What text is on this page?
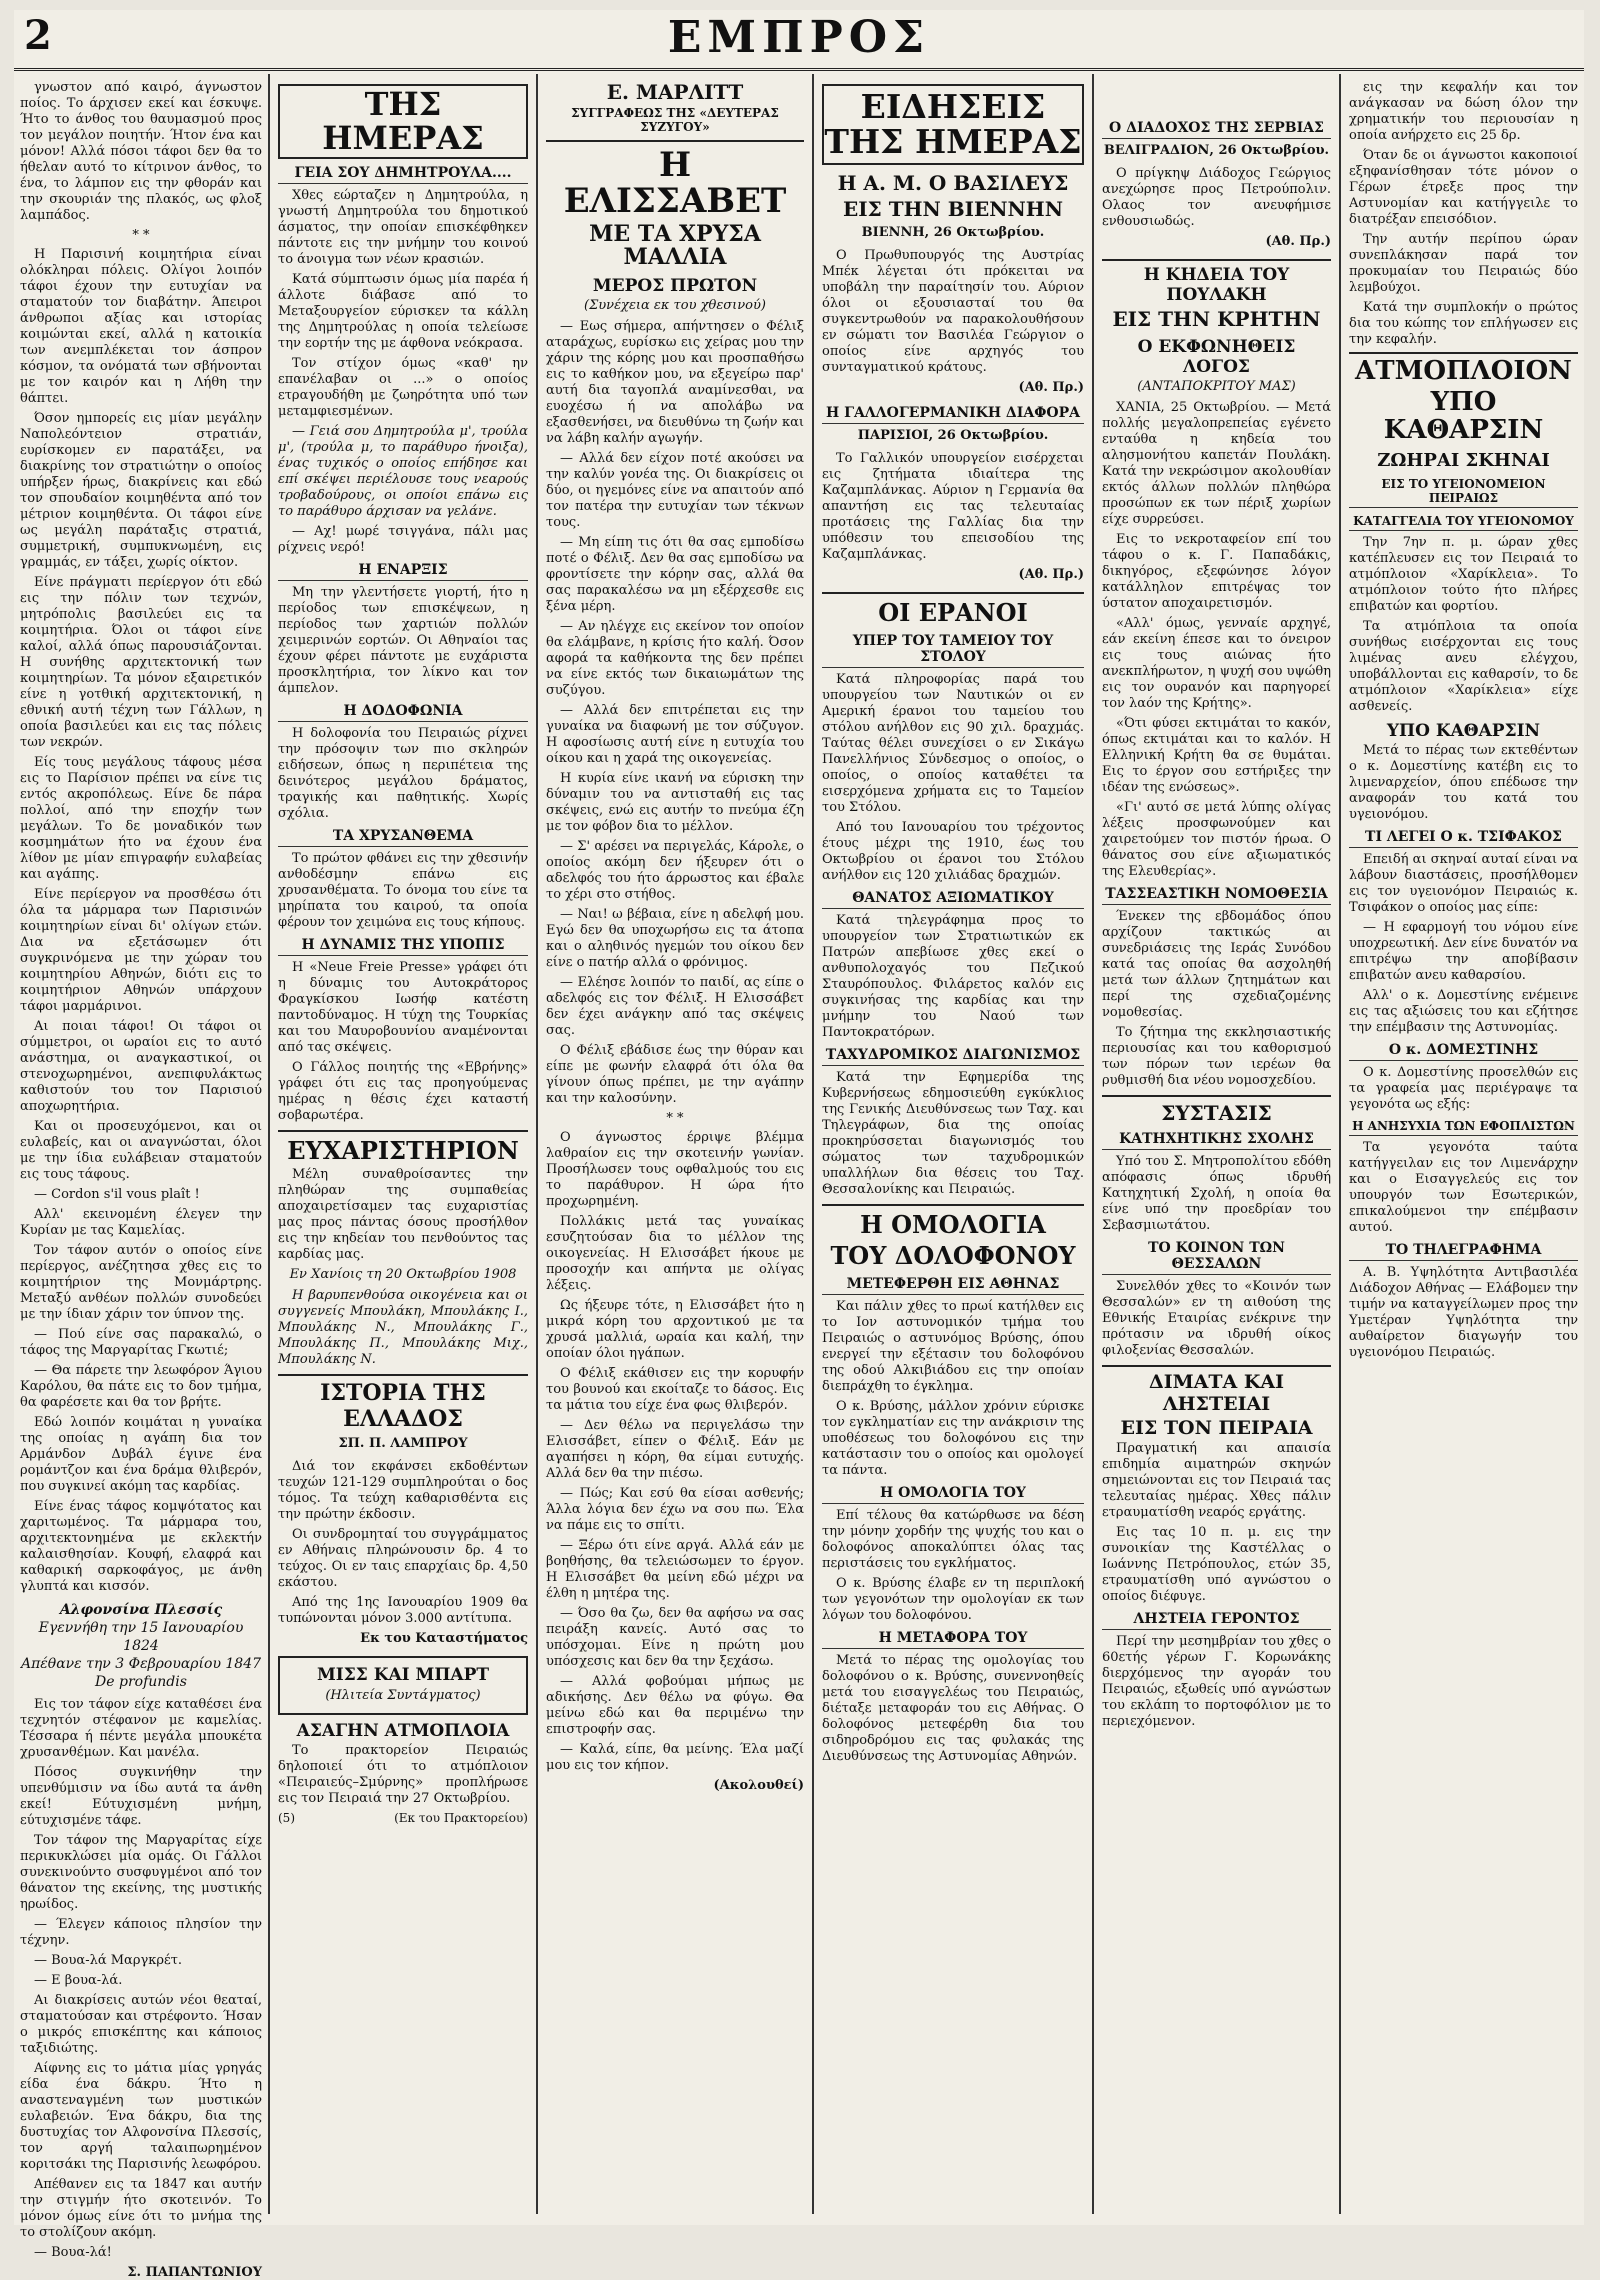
2	ΕΜΠΡΟΣ

γνωστον από καιρό, άγνωστον ποίος. Το άρχισεν εκεί και έσκυψε. Ήτο το άνθος του θαυμασμού προς τον μεγάλον ποιητήν. Ήτον ένα και μόνον! Αλλά πόσοι τάφοι δεν θα το ήθελαν αυτό το κίτρινον άνθος, το ένα, το λάμπον εις την φθοράν και την σκουριάν της πλακός, ως φλοξ λαμπάδος.

* *

Η Παρισινή κοιμητήρια είναι ολόκληραι πόλεις. Ολίγοι λοιπόν τάφοι έχουν την ευτυχίαν να σταματούν τον διαβάτην. Άπειροι άνθρωποι αξίας και ιστορίας κοιμώνται εκεί, αλλά η κατοικία των ανεμπλέκεται τον άσπρον κόσμον, τα ονόματά των σβήνονται με τον καιρόν και η Λήθη την θάπτει.

Όσον ημπορείς εις μίαν μεγάλην Ναπολεόντειον στρατιάν, ευρίσκομεν εν παρατάξει, να διακρίνης τον στρατιώτην ο οποίος υπήρξεν ήρως, διακρίνεις και εδώ τον σπουδαίον κοιμηθέντα από τον μέτριον κοιμηθέντα. Οι τάφοι είνε ως μεγάλη παράταξις στρατιά, συμμετρική, συμπυκνωμένη, εις γραμμάς, εν τάξει, χωρίς οίκτον.

Είνε πράγματι περίεργον ότι εδώ εις την πόλιν των τεχνών, μητρόπολις βασιλεύει εις τα κοιμητήρια. Όλοι οι τάφοι είνε καλοί, αλλά όπως παρουσιάζονται. Η συνήθης αρχιτεκτονική των κοιμητηρίων. Τα μόνον εξαιρετικόν είνε η γοτθική αρχιτεκτονική, η εθνική αυτή τέχνη των Γάλλων, η οποία βασιλεύει και εις τας πόλεις των νεκρών.

Είς τους μεγάλους τάφους μέσα εις το Παρίσιον πρέπει να είνε τις εντός ακροπόλεως. Είνε δε πάρα πολλοί, από την εποχήν των μεγάλων. Το δε μοναδικόν των κοσμημάτων ήτο να έχουν ένα λίθον με μίαν επιγραφήν ευλαβείας και αγάπης.

Είνε περίεργον να προσθέσω ότι όλα τα μάρμαρα των Παρισινών κοιμητηρίων είναι δι' ολίγων ετών. Δια να εξετάσωμεν ότι συγκρινόμενα με την χώραν του κοιμητηρίου Αθηνών, διότι εις το κοιμητήριον Αθηνών υπάρχουν τάφοι μαρμάρινοι.

Αι ποιαι τάφοι! Οι τάφοι οι σύμμετροι, οι ωραίοι εις το αυτό ανάστημα, οι αναγκαστικοί, οι στενοχωρημένοι, ανεπιφυλάκτως καθιστούν του τον Παρισιού αποχωρητήρια.

Και οι προσευχόμενοι, και οι ευλαβείς, και οι αναγνώσται, όλοι με την ίδια ευλάβειαν σταματούν εις τους τάφους.

— Cordon s'il vous plaît !

Αλλ' εκεινομένη έλεγεν την Κυρίαν με τας Καμελίας.

Τον τάφον αυτόν ο οποίος είνε περίεργος, ανέζητησα χθες εις το κοιμητήριον της Μονμάρτρης. Μεταξύ ανθέων πολλών συνοδεύει με την ίδιαν χάριν τον ύπνον της.

— Πού είνε σας παρακαλώ, ο τάφος της Μαργαρίτας Γκωτιέ;

— Θα πάρετε την λεωφόρον Άγιου Καρόλου, θα πάτε εις το δον τμήμα, θα φαρέσετε και θα τον βρήτε.

Εδώ λοιπόν κοιμάται η γυναίκα της οποίας η αγάπη δια τον Αρμάνδον Δυβάλ έγινε ένα ρομάντζον και ένα δράμα θλιβερόν, που συγκινεί ακόμη τας καρδίας.

Είνε ένας τάφος κομψότατος και χαριτωμένος. Τα μάρμαρα του, αρχιτεκτονημένα με εκλεκτήν καλαισθησίαν. Κουφή, ελαφρά και καθαρική σαρκοφάγος, με άνθη γλυπτά και κισσόν.

Αλφονσίνα Πλεσσίς
Εγεννήθη την 15 Ιανουαρίου 1824
Απέθανε την 3 Φεβρουαρίου 1847
De profundis

Εις τον τάφον είχε καταθέσει ένα τεχνητόν στέφανον με καμελίας. Τέσσαρα ή πέντε μεγάλα μπουκέτα χρυσανθέμων. Και μανέλα.

Πόσος συγκινήθην την υπενθύμισιν να ίδω αυτά τα άνθη εκεί! Εύτυχισμένη μνήμη, εύτυχισμένε τάφε.

Τον τάφον της Μαργαρίτας είχε περικυκλώσει μία ομάς. Οι Γάλλοι συνεκινούντο συσφυγμένοι από τον θάνατον της εκείνης, της μυστικής ηρωίδος.

— Έλεγεν κάποιος πλησίον την τέχνην.

— Βουα-λά Μαργκρέτ.

— Ε βουα-λά.

Αι διακρίσεις αυτών νέοι θεαταί, σταματούσαν και στρέφοντο. Ήσαν ο μικρός επισκέπτης και κάποιος ταξιδιώτης.

Αίφνης εις το μάτια μίας γρηγάς είδα ένα δάκρυ. Ήτο η αναστεναγμένη των μυστικών ευλαβειών. Ένα δάκρυ, δια της δυστυχίας τον Αλφονσίνα Πλεσσίς, τον αργή ταλαιπωρημένον κοριτσάκι της Παρισινής λεωφόρου.

Απέθανεν εις τα 1847 και αυτήν την στιγμήν ήτο σκοτεινόν. Το μόνον όμως είνε ότι το μνήμα της το στολίζουν ακόμη.

— Βουα-λά!

Σ. ΠΑΠΑΝΤΩΝΙΟΥ
ΤΗΣ ΗΜΕΡΑΣ
ΓΕΙΑ ΣΟΥ ΔΗΜΗΤΡΟΥΛΑ....

Χθες εώρταζεν η Δημητρούλα, η γνωστή Δημητρούλα του δημοτικού άσματος, την οποίαν επισκέφθηκεν πάντοτε εις την μνήμην του κοινού το άνοιγμα των νέων κρασιών.

Κατά σύμπτωσιν όμως μία παρέα ή άλλοτε διάβασε από το Μεταξουργείον εύρισκεν τα κάλλη της Δημητρούλας η οποία τελείωσε την εορτήν της με άφθονα νεόκρασα.

Τον στίχον όμως «καθ' ην επανέλαβαν οι ...» ο οποίος ετραγουδήθη με ζωηρότητα υπό των μεταμφιεσμένων.

— Γειά σου Δημητρούλα μ', τρούλα μ', (τρούλα μ, το παράθυρο ήνοιξα), ένας τυχικός ο οποίος επήδησε και επί σκέψει περιέλουσε τους νεαρούς τροβαδούρους, οι οποίοι επάνω εις το παράθυρο άρχισαν να γελάνε.

— Αχ! μωρέ τσιγγάνα, πάλι μας ρίχνεις νερό!

Η ΕΝΑΡΞΙΣ

Μη την γλεντήσετε γιορτή, ήτο η περίοδος των επισκέψεων, η περίοδος των χαρτιών πολλών χειμερινών εορτών. Οι Αθηναίοι τας έχουν φέρει πάντοτε με ευχάριστα προσκλητήρια, τον λίκνο και τον άμπελον.

Η ΔΟΔΟΦΩΝΙΑ

Η δολοφονία του Πειραιώς ρίχνει την πρόσοψιν των πιο σκληρών ειδήσεων, όπως η περιπέτεια της δεινότερος μεγάλου δράματος, τραγικής και παθητικής. Χωρίς σχόλια.

ΤΑ ΧΡΥΣΑΝΘΕΜΑ

Το πρώτον φθάνει εις την χθεσινήν ανθοδέσμην επάνω εις χρυσανθέματα. Το όνομα του είνε τα μηρίπατα του καιρού, τα οποία φέρουν τον χειμώνα εις τους κήπους.

Η ΔΥΝΑΜΙΣ ΤΗΣ ΥΠΟΠΙΣ

Η «Neue Freie Presse» γράφει ότι η δύναμις του Αυτοκράτορος Φραγκίσκου Ιωσήφ κατέστη παντοδύναμος. Η τύχη της Τουρκίας και του Μαυροβουνίου αναμένονται από τας σκέψεις.

Ο Γάλλος ποιητής της «Εβρήνης» γράφει ότι εις τας προηγούμενας ημέρας η θέσις έχει καταστή σοβαρωτέρα.

ΕΥΧΑΡΙΣΤΗΡΙΟΝ

Μέλη συναθροίσαντες την πληθώραν της συμπαθείας αποχαιρετίσαμεν τας ευχαριστίας μας προς πάντας όσους προσήλθον εις την κηδείαν του πενθούντος τας καρδίας μας.

Εν Χανίοις τη 20 Οκτωβρίου 1908

Η βαρυπενθούσα οικογένεια και οι συγγενείς Μπουλάκη, Μπουλάκης Ι., Μπουλάκης Ν., Μπουλάκης Γ., Μπουλάκης Π., Μπουλάκης Μιχ., Μπουλάκης Ν.

ΙΣΤΟΡΙΑ ΤΗΣ ΕΛΛΑΔΟΣ
ΣΠ. Π. ΛΑΜΠΡΟΥ

Διά τον εκφάνσει εκδοθέντων τευχών 121-129 συμπληρούται ο δος τόμος. Τα τεύχη καθαρισθέντα εις την πρώτην έκδοσιν.

Οι συνδρομηταί του συγγράμματος εν Αθήναις πληρώνουσιν δρ. 4 το τεύχος. Οι εν ταις επαρχίαις δρ. 4,50 εκάστου.

Από της 1ης Ιανουαρίου 1909 θα τυπώνονται μόνον 3.000 αντίτυπα.

Εκ του Καταστήματος
ΜΙΣΣ ΚΑΙ ΜΠΑΡΤ
(Ηλιτεία Συντάγματος)
ΑΣΑΓΗΝ ΑΤΜΟΠΛΟΙΑ

Το πρακτορείον Πειραιώς δηλοποιεί ότι το ατμόπλοιον «Πειραιεύς–Σμύρνης» προπλήρωσε εις τον Πειραιά την 27 Οκτωβρίου.

(5)	(Εκ του Πρακτορείου)
Ε. ΜΑΡΛΙΤΤ
ΣΥΓΓΡΑΦΕΩΣ ΤΗΣ «ΔΕΥΤΕΡΑΣ ΣΥΖΥΓΟΥ»
Η ΕΛΙΣΣΑΒΕΤ
ΜΕ ΤΑ ΧΡΥΣΑ ΜΑΛΛΙΑ
ΜΕΡΟΣ ΠΡΩΤΟΝ
(Συνέχεια εκ του χθεσινού)

— Εως σήμερα, απήντησεν ο Φέλιξ αταράχως, ευρίσκω εις χείρας μου την χάριν της κόρης μου και προσπαθήσω εις το καθήκον μου, να εξεγείρω παρ' αυτή δια ταγοπλά αναμίνεσθαι, να ευοχέσω ή να απολάβω να εξασθενήσει, να διευθύνω τη ζωήν και να λάβη καλήν αγωγήν.

— Αλλά δεν είχον ποτέ ακούσει να την καλύν γονέα της. Οι διακρίσεις οι δύο, οι ηγεμόνες είνε να απαιτούν από τον πατέρα την ευτυχίαν των τέκνων τους.

— Μη είπη τις ότι θα σας εμποδίσω ποτέ ο Φέλιξ. Δεν θα σας εμποδίσω να φροντίσετε την κόρην σας, αλλά θα σας παρακαλέσω να μη εξέρχεσθε εις ξένα μέρη.

— Αν ηλέγχε εις εκείνον τον οποίον θα ελάμβανε, η κρίσις ήτο καλή. Όσον αφορά τα καθήκοντα της δεν πρέπει να είνε εκτός των δικαιωμάτων της συζύγου.

— Αλλά δεν επιτρέπεται εις την γυναίκα να διαφωνή με τον σύζυγον. Η αφοσίωσις αυτή είνε η ευτυχία του οίκου και η χαρά της οικογενείας.

Η κυρία είνε ικανή να εύρισκη την δύναμιν του να αντισταθή εις τας σκέψεις, ενώ εις αυτήν το πνεύμα έζη με τον φόβον δια το μέλλον.

— Σ' αρέσει να περιγελάς, Κάρολε, ο οποίος ακόμη δεν ήξευρεν ότι ο αδελφός του ήτο άρρωστος και έβαλε το χέρι στο στήθος.

— Ναι! ω βέβαια, είνε η αδελφή μου. Εγώ δεν θα υποχωρήσω εις τα άτοπα και ο αληθινός ηγεμών του οίκου δεν είνε ο πατήρ αλλά ο φρόνιμος.

— Ελέησε λοιπόν το παιδί, ας είπε ο αδελφός εις τον Φέλιξ. Η Ελισσάβετ δεν έχει ανάγκην από τας σκέψεις σας.

Ο Φέλιξ εβάδισε έως την θύραν και είπε με φωνήν ελαφρά ότι όλα θα γίνουν όπως πρέπει, με την αγάπην και την καλοσύνην.

* *

Ο άγνωστος έρριψε βλέμμα λαθραίον εις την σκοτεινήν γωνίαν. Προσήλωσεν τους οφθαλμούς του εις το παράθυρον. Η ώρα ήτο προχωρημένη.

Πολλάκις μετά τας γυναίκας εσυζητούσαν δια το μέλλον της οικογενείας. Η Ελισσάβετ ήκουε με προσοχήν και απήντα με ολίγας λέξεις.

Ως ήξευρε τότε, η Ελισσάβετ ήτο η μικρά κόρη του αρχοντικού με τα χρυσά μαλλιά, ωραία και καλή, την οποίαν όλοι ηγάπων.

Ο Φέλιξ εκάθισεν εις την κορυφήν του βουνού και εκοίταζε το δάσος. Εις τα μάτια του είχε ένα φως θλιβερόν.

— Δεν θέλω να περιγελάσω την Ελισσάβετ, είπεν ο Φέλιξ. Εάν με αγαπήσει η κόρη, θα είμαι ευτυχής. Αλλά δεν θα την πιέσω.

— Πώς; Και εσύ θα είσαι ασθενής; Άλλα λόγια δεν έχω να σου πω. Έλα να πάμε εις το σπίτι.

— Ξέρω ότι είνε αργά. Αλλά εάν με βοηθήσης, θα τελειώσωμεν το έργον. Η Ελισσάβετ θα μείνη εδώ μέχρι να έλθη η μητέρα της.

— Όσο θα ζω, δεν θα αφήσω να σας πειράξη κανείς. Αυτό σας το υπόσχομαι. Είνε η πρώτη μου υπόσχεσις και δεν θα την ξεχάσω.

— Αλλά φοβούμαι μήπως με αδικήσης. Δεν θέλω να φύγω. Θα μείνω εδώ και θα περιμένω την επιστροφήν σας.

— Καλά, είπε, θα μείνης. Έλα μαζί μου εις τον κήπον.

(Ακολουθεί)
ΕΙΔΗΣΕΙΣ ΤΗΣ ΗΜΕΡΑΣ
Η Α. Μ. Ο ΒΑΣΙΛΕΥΣ
ΕΙΣ ΤΗΝ ΒΙΕΝΝΗΝ
ΒΙΕΝΝΗ, 26 Οκτωβρίου.

Ο Πρωθυπουργός της Αυστρίας Μπέκ λέγεται ότι πρόκειται να υποβάλη την παραίτησίν του. Αύριον όλοι οι εξουσιασταί του θα συγκεντρωθούν να παρακολουθήσουν εν σώματι τον Βασιλέα Γεώργιον ο οποίος είνε αρχηγός του συνταγματικού κράτους.

(Αθ. Πρ.)
Η ΓΑΛΛΟΓΕΡΜΑΝΙΚΗ ΔΙΑΦΟΡΑ
ΠΑΡΙΣΙΟΙ, 26 Οκτωβρίου.

Το Γαλλικόν υπουργείον εισέρχεται εις ζητήματα ιδιαίτερα της Καζαμπλάνκας. Αύριον η Γερμανία θα απαντήση εις τας τελευταίας προτάσεις της Γαλλίας δια την υπόθεσιν του επεισοδίου της Καζαμπλάνκας.

(Αθ. Πρ.)
ΟΙ ΕΡΑΝΟΙ
ΥΠΕΡ ΤΟΥ ΤΑΜΕΙΟΥ ΤΟΥ ΣΤΟΛΟΥ

Κατά πληροφορίας παρά του υπουργείου των Ναυτικών οι εν Αμερική έρανοι του ταμείου του στόλου ανήλθον εις 90 χιλ. δραχμάς. Ταύτας θέλει συνεχίσει ο εν Σικάγω Πανελλήνιος Σύνδεσμος ο οποίος, ο οποίος, ο οποίος καταθέτει τα εισερχόμενα χρήματα εις το Ταμείον του Στόλου.

Από του Ιανουαρίου του τρέχοντος έτους μέχρι της 1910, έως του Οκτωβρίου οι έρανοι του Στόλου ανήλθον εις 120 χιλιάδας δραχμών.

ΘΑΝΑΤΟΣ ΑΞΙΩΜΑΤΙΚΟΥ

Κατά τηλεγράφημα προς το υπουργείον των Στρατιωτικών εκ Πατρών απεβίωσε χθες εκεί ο ανθυπολοχαγός του Πεζικού Σταυρόπουλος. Φιλάρετος καλόν εις συγκινήσας της καρδίας και την μνήμην του Ναού των Παντοκρατόρων.

ΤΑΧΥΔΡΟΜΙΚΟΣ ΔΙΑΓΩΝΙΣΜΟΣ

Κατά την Εφημερίδα της Κυβερνήσεως εδημοσιεύθη εγκύκλιος της Γενικής Διευθύνσεως των Ταχ. και Τηλεγράφων, δια της οποίας προκηρύσσεται διαγωνισμός του σώματος των ταχυδρομικών υπαλλήλων δια θέσεις του Ταχ. Θεσσαλονίκης και Πειραιώς.

Η ΟΜΟΛΟΓΙΑ
ΤΟΥ ΔΟΛΟΦΟΝΟΥ
ΜΕΤΕΦΕΡΘΗ ΕΙΣ ΑΘΗΝΑΣ

Και πάλιν χθες το πρωί κατήλθεν εις το Ιον αστυνομικόν τμήμα του Πειραιώς ο αστυνόμος Βρύσης, όπου ενεργεί την εξέτασιν του δολοφόνου της οδού Αλκιβιάδου εις την οποίαν διεπράχθη το έγκλημα.

Ο κ. Βρύσης, μάλλον χρόνιν εύρισκε τον εγκληματίαν εις την ανάκρισιν της υποθέσεως του δολοφόνου εις την κατάστασιν του ο οποίος και ομολογεί τα πάντα.

Η ΟΜΟΛΟΓΙΑ ΤΟΥ

Επί τέλους θα κατώρθωσε να δέση την μόνην χορδήν της ψυχής του και ο δολοφόνος αποκαλύπτει όλας τας περιστάσεις του εγκλήματος.

Ο κ. Βρύσης έλαβε εν τη περιπλοκή των γεγονότων την ομολογίαν εκ των λόγων του δολοφόνου.

Η ΜΕΤΑΦΟΡΑ ΤΟΥ

Μετά το πέρας της ομολογίας του δολοφόνου ο κ. Βρύσης, συνεννοηθείς μετά του εισαγγελέως του Πειραιώς, διέταξε μεταφοράν του εις Αθήνας. Ο δολοφόνος μετεφέρθη δια του σιδηροδρόμου εις τας φυλακάς της Διευθύνσεως της Αστυνομίας Αθηνών.

Ο ΔΙΑΔΟΧΟΣ ΤΗΣ ΣΕΡΒΙΑΣ
ΒΕΛΙΓΡΑΔΙΟΝ, 26 Οκτωβρίου.

Ο πρίγκηψ Διάδοχος Γεώργιος ανεχώρησε προς Πετρούπολιν. Ολαος τον ανευφήμισε ενθουσιωδώς.

(Αθ. Πρ.)
Η ΚΗΔΕΙΑ ΤΟΥ ΠΟΥΛΑΚΗ
ΕΙΣ ΤΗΝ ΚΡΗΤΗΝ
Ο ΕΚΦΩΝΗΘΕΙΣ ΛΟΓΟΣ
(ΑΝΤΑΠΟΚΡΙΤΟΥ ΜΑΣ)

ΧΑΝΙΑ, 25 Οκτωβρίου. — Μετά πολλής μεγαλοπρεπείας εγένετο ενταύθα η κηδεία του αλησμονήτου καπετάν Πουλάκη. Κατά την νεκρώσιμον ακολουθίαν εκτός άλλων πολλών πληθώρα προσώπων εκ των πέριξ χωρίων είχε συρρεύσει.

Εις το νεκροταφείον επί του τάφου ο κ. Γ. Παπαδάκις, δικηγόρος, εξεφώνησε λόγον κατάλληλον επιτρέψας τον ύστατον αποχαιρετισμόν.

«Αλλ' όμως, γενναίε αρχηγέ, εάν εκείνη έπεσε και το όνειρον εις τους αιώνας ήτο ανεκπλήρωτον, η ψυχή σου υψώθη εις τον ουρανόν και παρηγορεί τον λαόν της Κρήτης».

«Ότι φύσει εκτιμάται το κακόν, όπως εκτιμάται και το καλόν. Η Ελληνική Κρήτη θα σε θυμάται. Εις το έργον σου εστήριξες την ιδέαν της ενώσεως».

«Γι' αυτό σε μετά λύπης ολίγας λέξεις προσφωνούμεν και χαιρετούμεν τον πιστόν ήρωα. Ο θάνατος σου είνε αξιωματικός της Ελευθερίας».

ΤΑΣΣΕΑΣΤΙΚΗ ΝΟΜΟΘΕΣΙΑ

Ένεκεν της εβδομάδος όπου αρχίζουν τακτικώς αι συνεδριάσεις της Ιεράς Συνόδου κατά τας οποίας θα ασχοληθή μετά των άλλων ζητημάτων και περί της σχεδιαζομένης νομοθεσίας.

Το ζήτημα της εκκλησιαστικής περιουσίας και του καθορισμού των πόρων των ιερέων θα ρυθμισθή δια νέου νομοσχεδίου.

ΣΥΣΤΑΣΙΣ
ΚΑΤΗΧΗΤΙΚΗΣ ΣΧΟΛΗΣ

Υπό του Σ. Μητροπολίτου εδόθη απόφασις όπως ιδρυθή Κατηχητική Σχολή, η οποία θα είνε υπό την προεδρίαν του Σεβασμιωτάτου.

ΤΟ ΚΟΙΝΟΝ ΤΩΝ ΘΕΣΣΑΛΩΝ

Συνελθόν χθες το «Κοινόν των Θεσσαλών» εν τη αιθούση της Εθνικής Εταιρίας ενέκρινε την πρότασιν να ιδρυθή οίκος φιλοξενίας Θεσσαλών.

ΔΙΜΑΤΑ ΚΑΙ ΛΗΣΤΕΙΑΙ
ΕΙΣ ΤΟΝ ΠΕΙΡΑΙΑ

Πραγματική και απαισία επιδημία αιματηρών σκηνών σημειώνονται εις τον Πειραιά τας τελευταίας ημέρας. Χθες πάλιν ετραυματίσθη νεαρός εργάτης.

Εις τας 10 π. μ. εις την συνοικίαν της Καστέλλας ο Ιωάννης Πετρόπουλος, ετών 35, ετραυματίσθη υπό αγνώστου ο οποίος διέφυγε.

ΛΗΣΤΕΙΑ ΓΕΡΟΝΤΟΣ

Περί την μεσημβρίαν του χθες ο 60ετής γέρων Γ. Κορωνάκης διερχόμενος την αγοράν του Πειραιώς, εξωθείς υπό αγνώστων του εκλάπη το πορτοφόλιον με το περιεχόμενον.

εις την κεφαλήν και τον ανάγκασαν να δώση όλον την χρηματικήν του περιουσίαν η οποία ανήρχετο εις 25 δρ.

Όταν δε οι άγνωστοι κακοποιοί εξηφανίσθησαν τότε μόνον ο Γέρων έτρεξε προς την Αστυνομίαν και κατήγγειλε το διατρέξαν επεισόδιον.

Την αυτήν περίπου ώραν συνεπλάκησαν παρά τον προκυμαίαν του Πειραιώς δύο λεμβούχοι.

Κατά την συμπλοκήν ο πρώτος δια του κώπης τον επλήγωσεν εις την κεφαλήν.

ΑΤΜΟΠΛΟΙΟΝ
ΥΠΟ ΚΑΘΑΡΣΙΝ
ΖΩΗΡΑΙ ΣΚΗΝΑΙ
ΕΙΣ ΤΟ ΥΓΕΙΟΝΟΜΕΙΟΝ ΠΕΙΡΑΙΩΣ
ΚΑΤΑΓΓΕΛΙΑ ΤΟΥ ΥΓΕΙΟΝΟΜΟΥ

Την 7ην π. μ. ώραν χθες κατέπλευσεν εις τον Πειραιά το ατμόπλοιον «Χαρίκλεια». Το ατμόπλοιον τούτο ήτο πλήρες επιβατών και φορτίου.

Τα ατμόπλοια τα οποία συνήθως εισέρχονται εις τους λιμένας ανευ ελέγχου, υποβάλλονται εις καθαρσίν, το δε ατμόπλοιον «Χαρίκλεια» είχε ασθενείς.

ΥΠΟ ΚΑΘΑΡΣΙΝ

Μετά το πέρας των εκτεθέντων ο κ. Δομεστίνης κατέβη εις το λιμεναρχείον, όπου επέδωσε την αναφοράν του κατά του υγειονόμου.

ΤΙ ΛΕΓΕΙ Ο κ. ΤΣΙΦΑΚΟΣ

Επειδή αι σκηναί αυταί είναι να λάβουν διαστάσεις, προσήλθομεν εις τον υγειονόμον Πειραιώς κ. Τσιφάκον ο οποίος μας είπε:

— Η εφαρμογή του νόμου είνε υποχρεωτική. Δεν είνε δυνατόν να επιτρέψω την αποβίβασιν επιβατών ανευ καθαρσίου.

Αλλ' ο κ. Δομεστίνης ενέμεινε εις τας αξιώσεις του και εζήτησε την επέμβασιν της Αστυνομίας.

Ο κ. ΔΟΜΕΣΤΙΝΗΣ

Ο κ. Δομεστίνης προσελθών εις τα γραφεία μας περιέγραψε τα γεγονότα ως εξής:

Η ΑΝΗΣΥΧΙΑ ΤΩΝ ΕΦΟΠΛΙΣΤΩΝ

Τα γεγονότα ταύτα κατήγγειλαν εις τον Λιμενάρχην και ο Εισαγγελεύς εις τον υπουργόν των Εσωτερικών, επικαλούμενοι την επέμβασιν αυτού.

ΤΟ ΤΗΛΕΓΡΑΦΗΜΑ

Α. Β. Υψηλότητα Αντιβασιλέα Διάδοχον Αθήνας — Ελάβομεν την τιμήν να καταγγείλωμεν προς την Υμετέραν Υψηλότητα την αυθαίρετον διαγωγήν του υγειονόμου Πειραιώς.
